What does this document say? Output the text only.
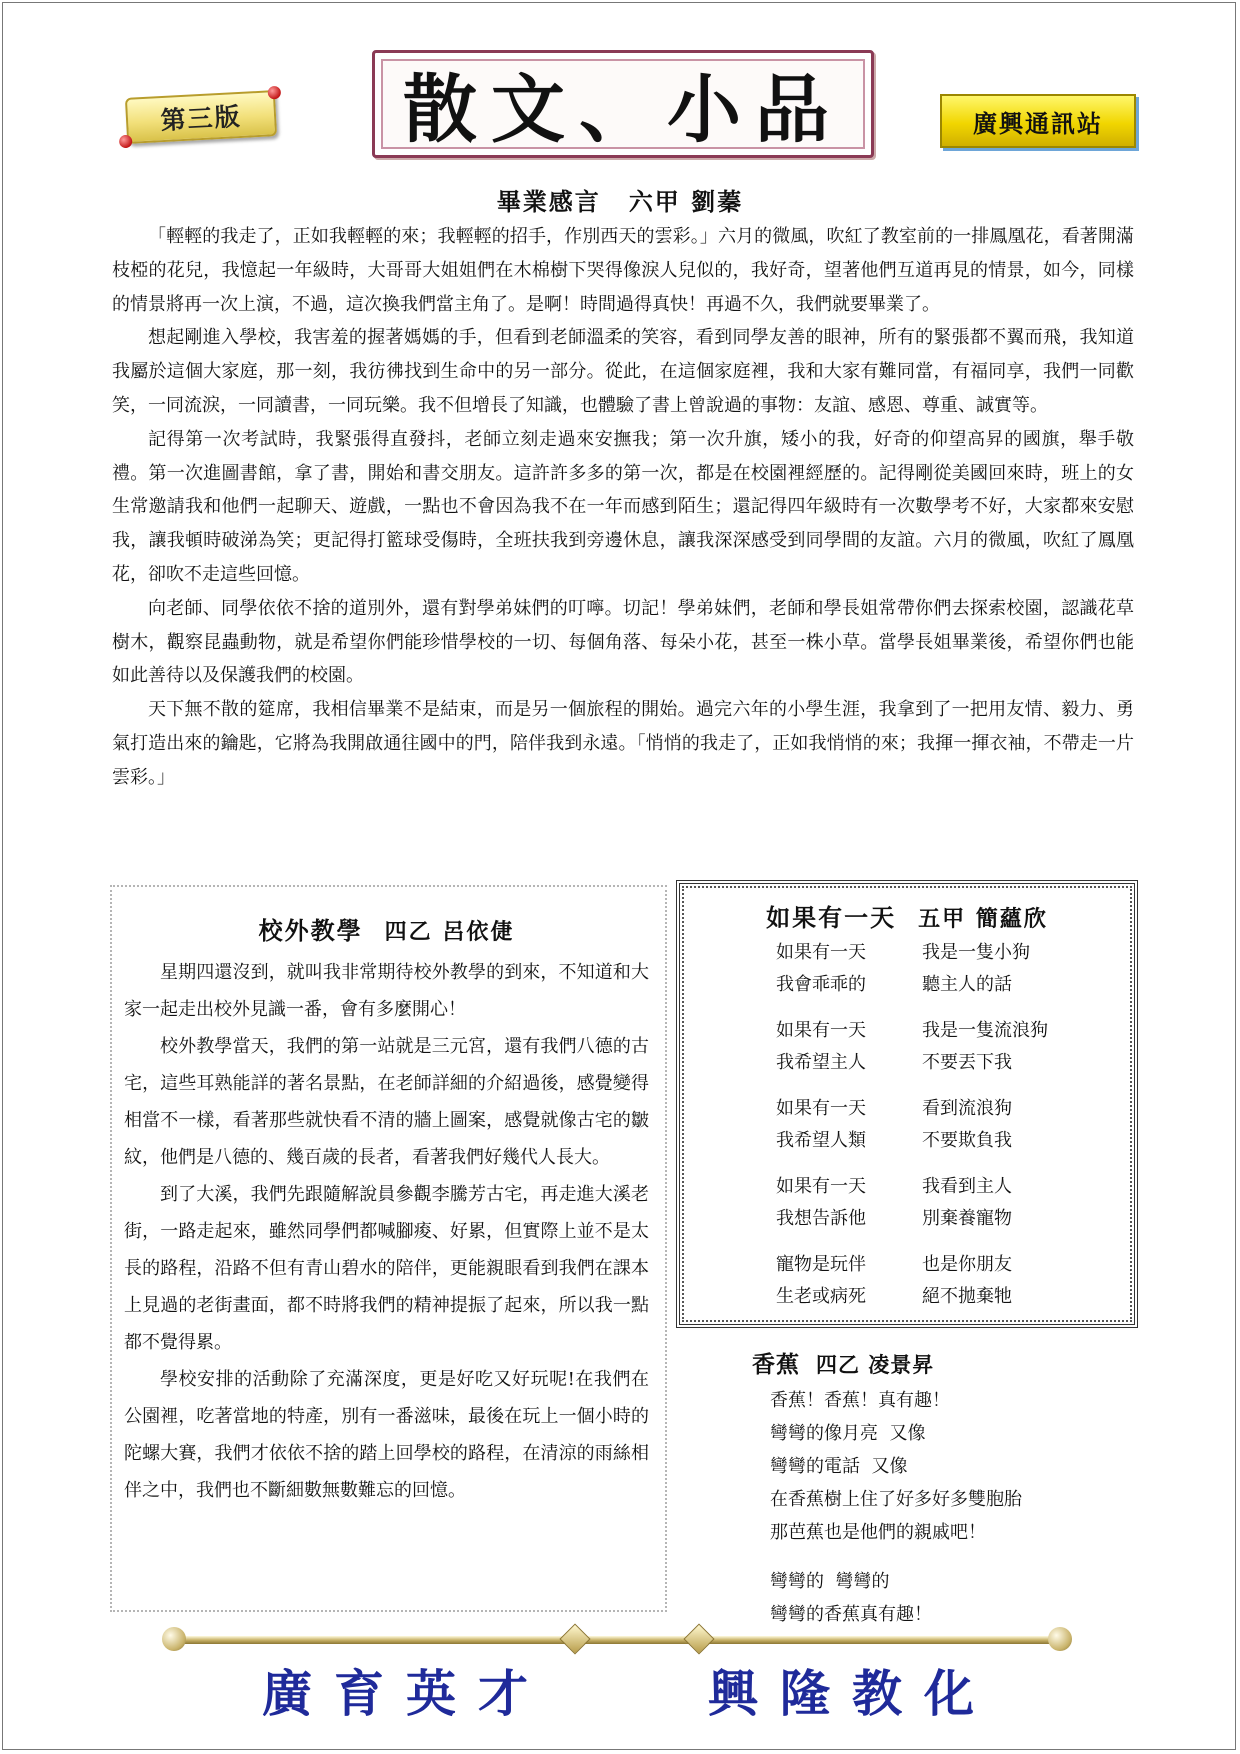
第三版 散文、小品	廣興通訊站
畢業感言 六甲 劉蓁

「輕輕的我走了，正如我輕輕的來；我輕輕的招手，作別西天的雲彩。」六月的微風，吹紅了教室前的一排鳳凰花，看著開滿枝椏的花兒，我憶起一年級時，大哥哥大姐姐們在木棉樹下哭得像淚人兒似的，我好奇，望著他們互道再見的情景，如今，同樣的情景將再一次上演，不過，這次換我們當主角了。是啊！時間過得真快！再過不久，我們就要畢業了。

想起剛進入學校，我害羞的握著媽媽的手，但看到老師溫柔的笑容，看到同學友善的眼神，所有的緊張都不翼而飛，我知道我屬於這個大家庭，那一刻，我彷彿找到生命中的另一部分。從此，在這個家庭裡，我和大家有難同當，有福同享，我們一同歡笑，一同流淚，一同讀書，一同玩樂。我不但增長了知識，也體驗了書上曾說過的事物：友誼、感恩、尊重、誠實等。

記得第一次考試時，我緊張得直發抖，老師立刻走過來安撫我；第一次升旗，矮小的我，好奇的仰望高昇的國旗，舉手敬禮。第一次進圖書館，拿了書，開始和書交朋友。這許許多多的第一次，都是在校園裡經歷的。記得剛從美國回來時，班上的女生常邀請我和他們一起聊天、遊戲，一點也不會因為我不在一年而感到陌生；還記得四年級時有一次數學考不好，大家都來安慰我，讓我頓時破涕為笑；更記得打籃球受傷時，全班扶我到旁邊休息，讓我深深感受到同學間的友誼。六月的微風，吹紅了鳳凰花，卻吹不走這些回憶。

向老師、同學依依不捨的道別外，還有對學弟妹們的叮嚀。切記！學弟妹們，老師和學長姐常帶你們去探索校園，認識花草樹木，觀察昆蟲動物，就是希望你們能珍惜學校的一切、每個角落、每朵小花，甚至一株小草。當學長姐畢業後，希望你們也能如此善待以及保護我們的校園。

天下無不散的筵席，我相信畢業不是結束，而是另一個旅程的開始。過完六年的小學生涯，我拿到了一把用友情、毅力、勇氣打造出來的鑰匙，它將為我開啟通往國中的門，陪伴我到永遠。「悄悄的我走了，正如我悄悄的來；我揮一揮衣袖，不帶走一片雲彩。」

校外教學 四乙 呂依倢

星期四還沒到，就叫我非常期待校外教學的到來，不知道和大家一起走出校外見識一番，會有多麼開心！

校外教學當天，我們的第一站就是三元宮，還有我們八德的古宅，這些耳熟能詳的著名景點，在老師詳細的介紹過後，感覺變得相當不一樣，看著那些就快看不清的牆上圖案，感覺就像古宅的皺紋，他們是八德的、幾百歲的長者，看著我們好幾代人長大。

到了大溪，我們先跟隨解說員參觀李騰芳古宅，再走進大溪老街，一路走起來，雖然同學們都喊腳痠、好累，但實際上並不是太長的路程，沿路不但有青山碧水的陪伴，更能親眼看到我們在課本上見過的老街畫面，都不時將我們的精神提振了起來，所以我一點都不覺得累。

學校安排的活動除了充滿深度，更是好吃又好玩呢!在我們在公園裡，吃著當地的特產，別有一番滋味，最後在玩上一個小時的陀螺大賽，我們才依依不捨的踏上回學校的路程，在清涼的雨絲相伴之中，我們也不斷細數無數難忘的回憶。

如果有一天 五甲 簡蘊欣
如果有一天
我會乖乖的
我是一隻小狗
聽主人的話
如果有一天
我希望主人
我是一隻流浪狗
不要丟下我
如果有一天
我希望人類
看到流浪狗
不要欺負我
如果有一天
我想告訴他
我看到主人
別棄養寵物
寵物是玩伴
生老或病死
也是你朋友
絕不拋棄牠
香蕉 四乙 凌景昇
香蕉！香蕉！真有趣！
彎彎的像月亮  又像
彎彎的電話  又像
在香蕉樹上住了好多好多雙胞胎
那芭蕉也是他們的親戚吧！
彎彎的  彎彎的
彎彎的香蕉真有趣！
廣育英才	興隆教化
